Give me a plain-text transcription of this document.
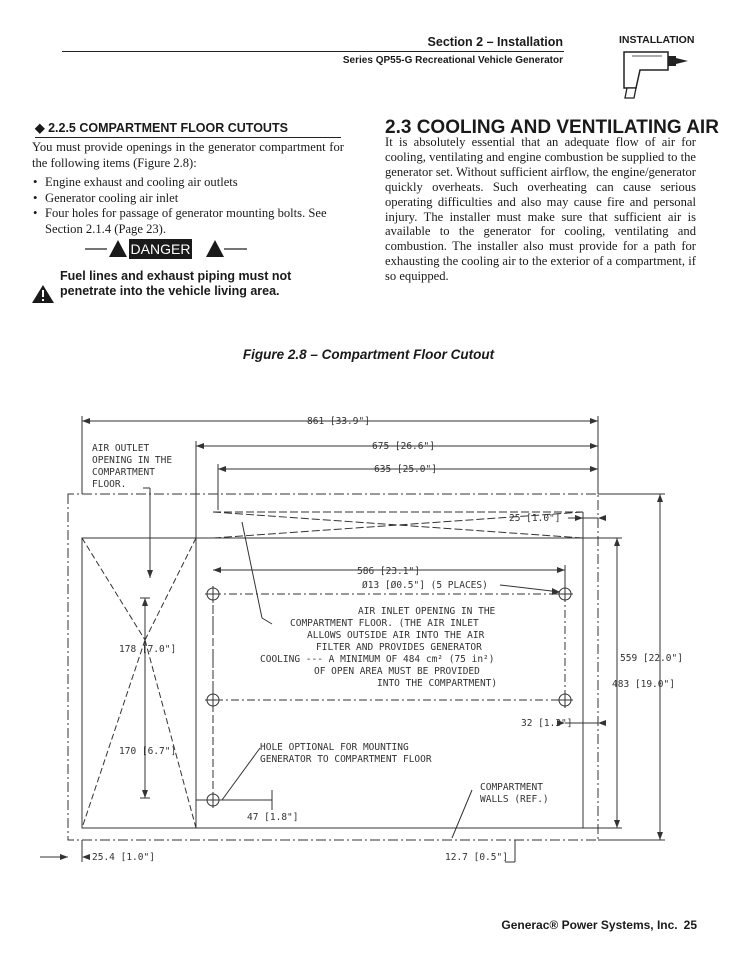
Section 2 – Installation
Series QP55-G Recreational Vehicle Generator
INSTALLATION
◆ 2.2.5 COMPARTMENT FLOOR CUTOUTS
You must provide openings in the generator compartment for the following items (Figure 2.8):
• Engine exhaust and cooling air outlets
• Generator cooling air inlet
• Four holes for passage of generator mounting bolts. See Section 2.1.4 (Page 23).
DANGER
Fuel lines and exhaust piping must not penetrate into the vehicle living area.
2.3 COOLING AND VENTILATING AIR
It is absolutely essential that an adequate flow of air for cooling, ventilating and engine combustion be supplied to the generator set. Without sufficient airflow, the engine/generator quickly overheats. Such overheating can cause serious operating difficulties and also may cause fire and personal injury. The installer must make sure that sufficient air is available to the generator for cooling, ventilating and combustion. The installer also must provide for a path for exhausting the cooling air to the exterior of a compartment, if so equipped.
Figure 2.8 – Compartment Floor Cutout
861 [33.9"]
675 [26.6"]
635 [25.0"]
25 [1.0"]
586 [23.1"]
Ø13 [Ø0.5"] (5 PLACES)
178 [7.0"]
170 [6.7"]
559 [22.0"]
483 [19.0"]
32 [1.3"]
47 [1.8"]
25.4 [1.0"]	12.7 [0.5"]
AIR OUTLET
OPENING IN THE
COMPARTMENT
FLOOR.
AIR INLET OPENING IN THE
COMPARTMENT FLOOR. (THE AIR INLET
ALLOWS OUTSIDE AIR INTO THE AIR
FILTER AND PROVIDES GENERATOR
COOLING --- A MINIMUM OF 484 cm² (75 in²)
OF OPEN AREA MUST BE PROVIDED
INTO THE COMPARTMENT)
HOLE OPTIONAL FOR MOUNTING
GENERATOR TO COMPARTMENT FLOOR
COMPARTMENT
WALLS (REF.)
Generac® Power Systems, Inc. 25
